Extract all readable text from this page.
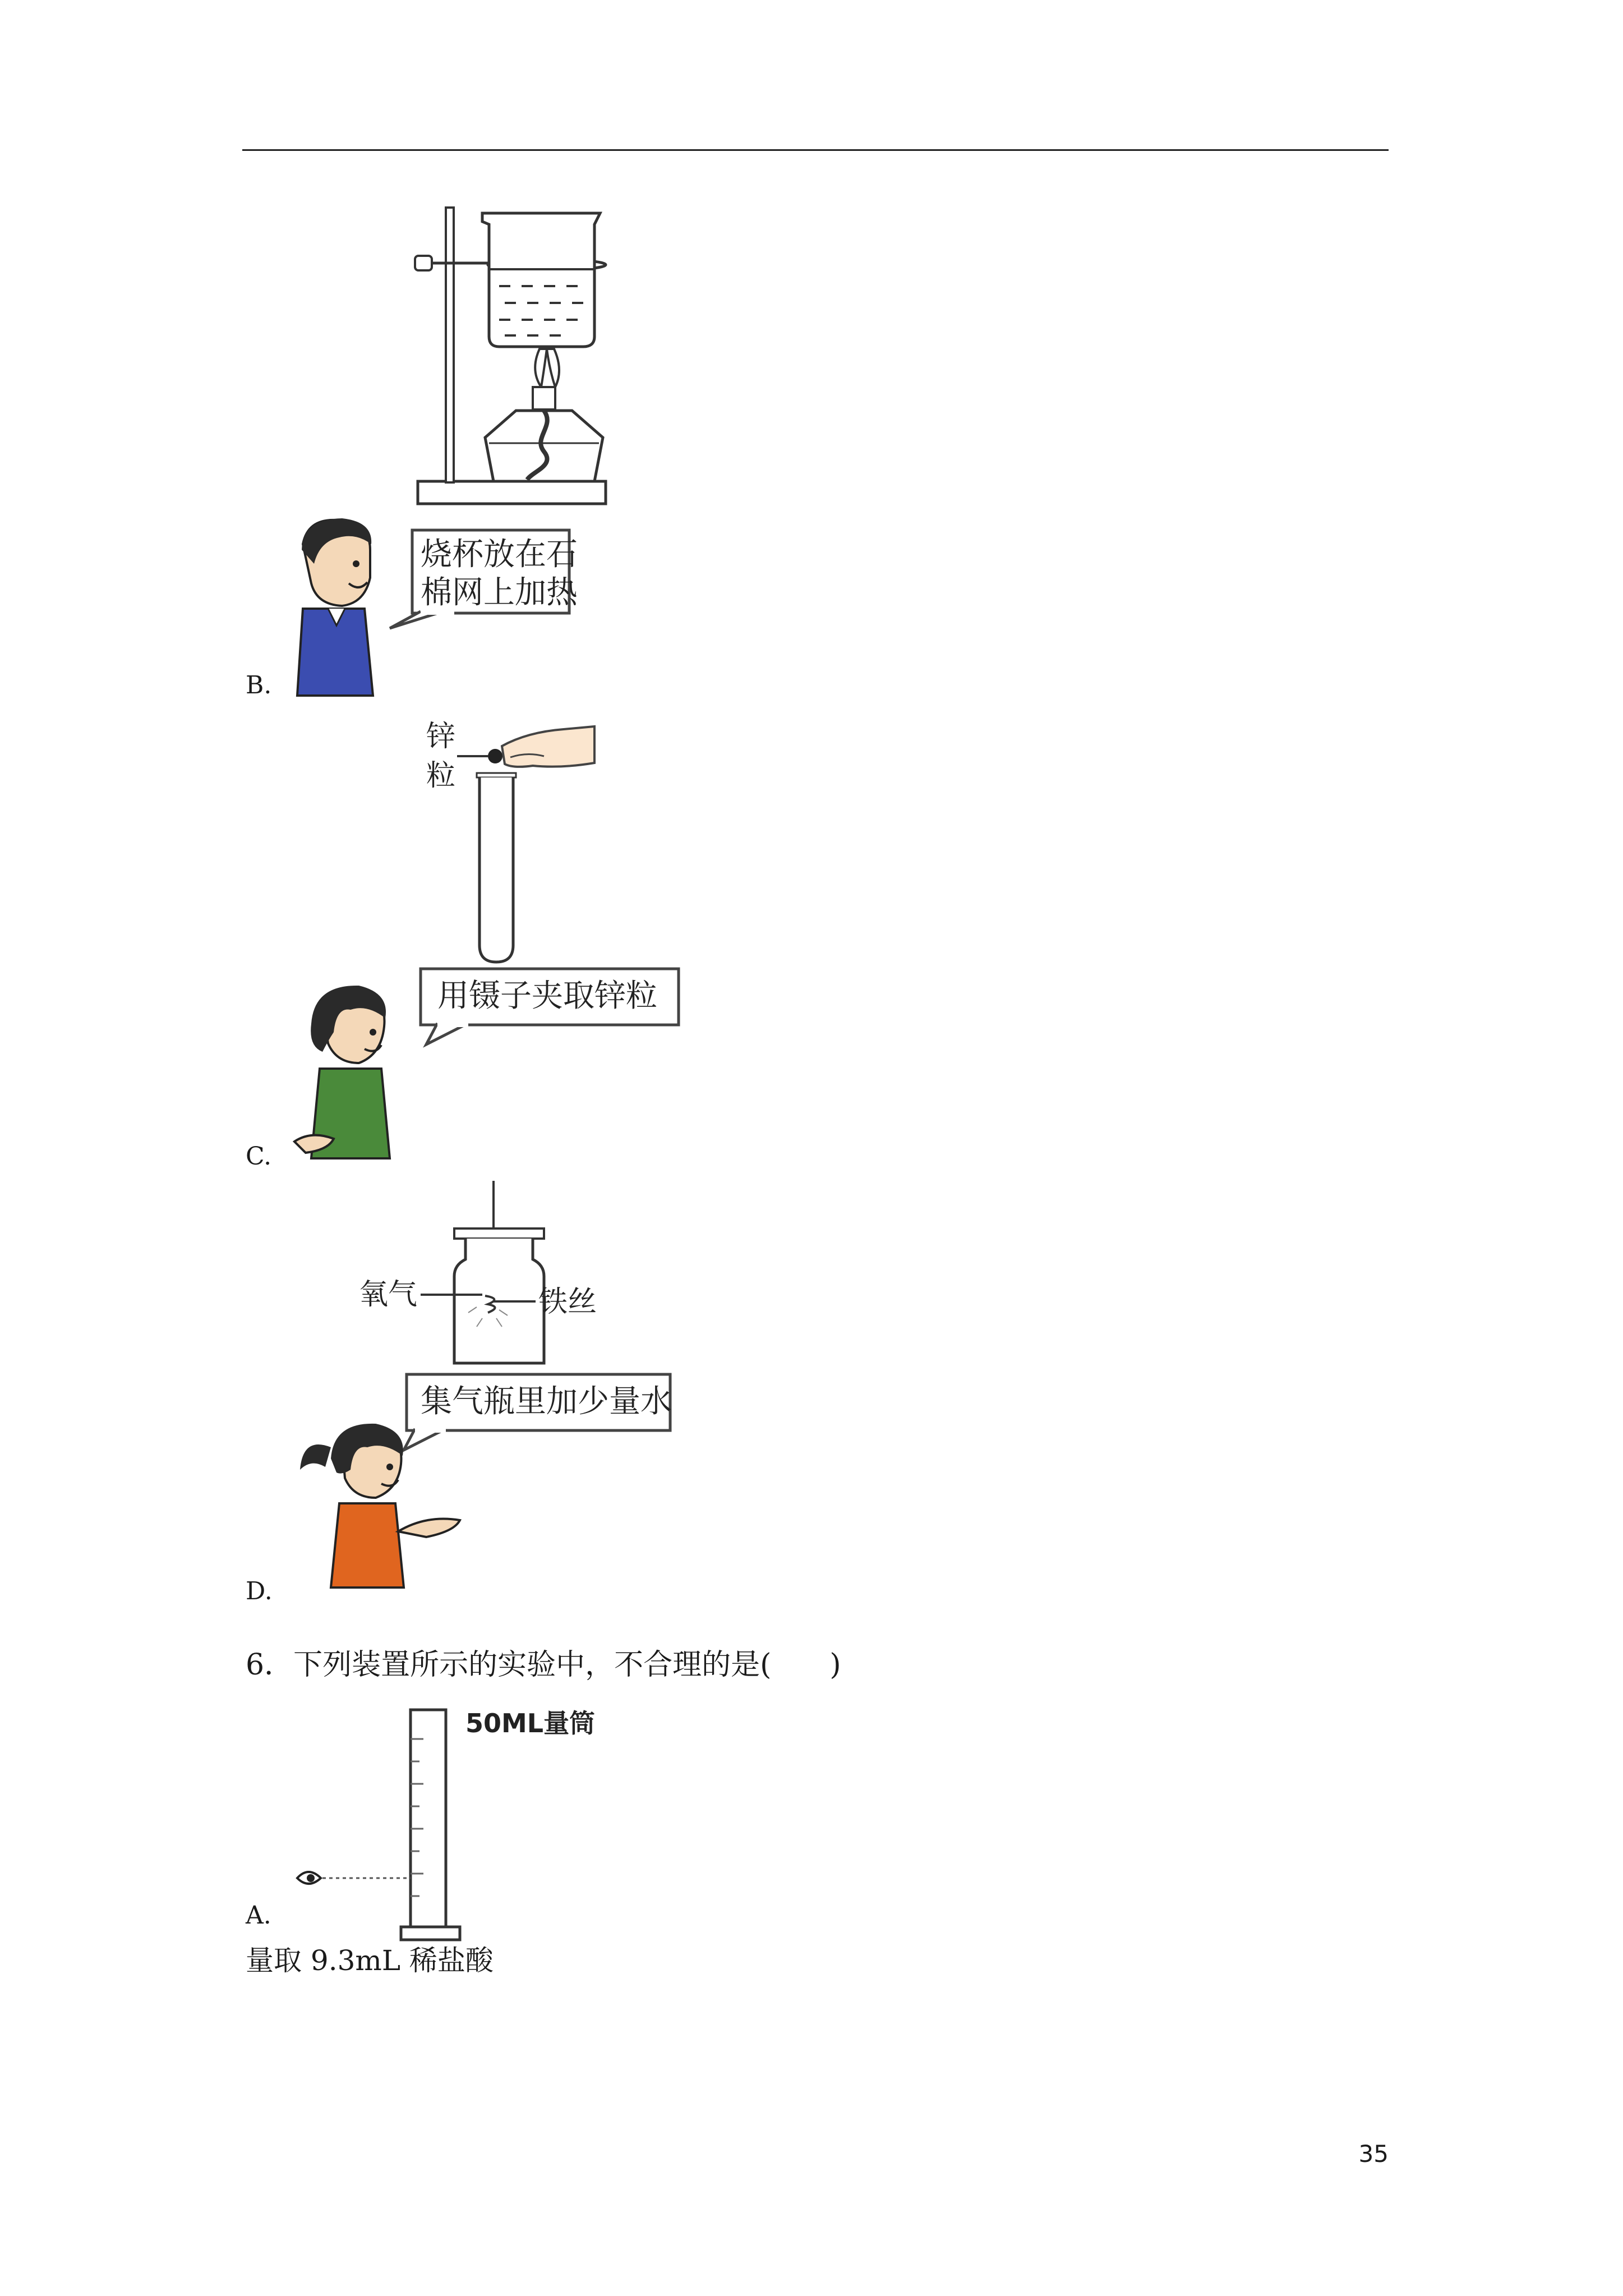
烧杯放在石
棉网上加热
B.
锌
粒
用镊子夹取锌粒
C.
氧气	铁丝
集气瓶里加少量水
D.
6．下列装置所示的实验中，不合理的是(　　)
50ML量筒
A.
量取 9.3mL 稀盐酸
35
